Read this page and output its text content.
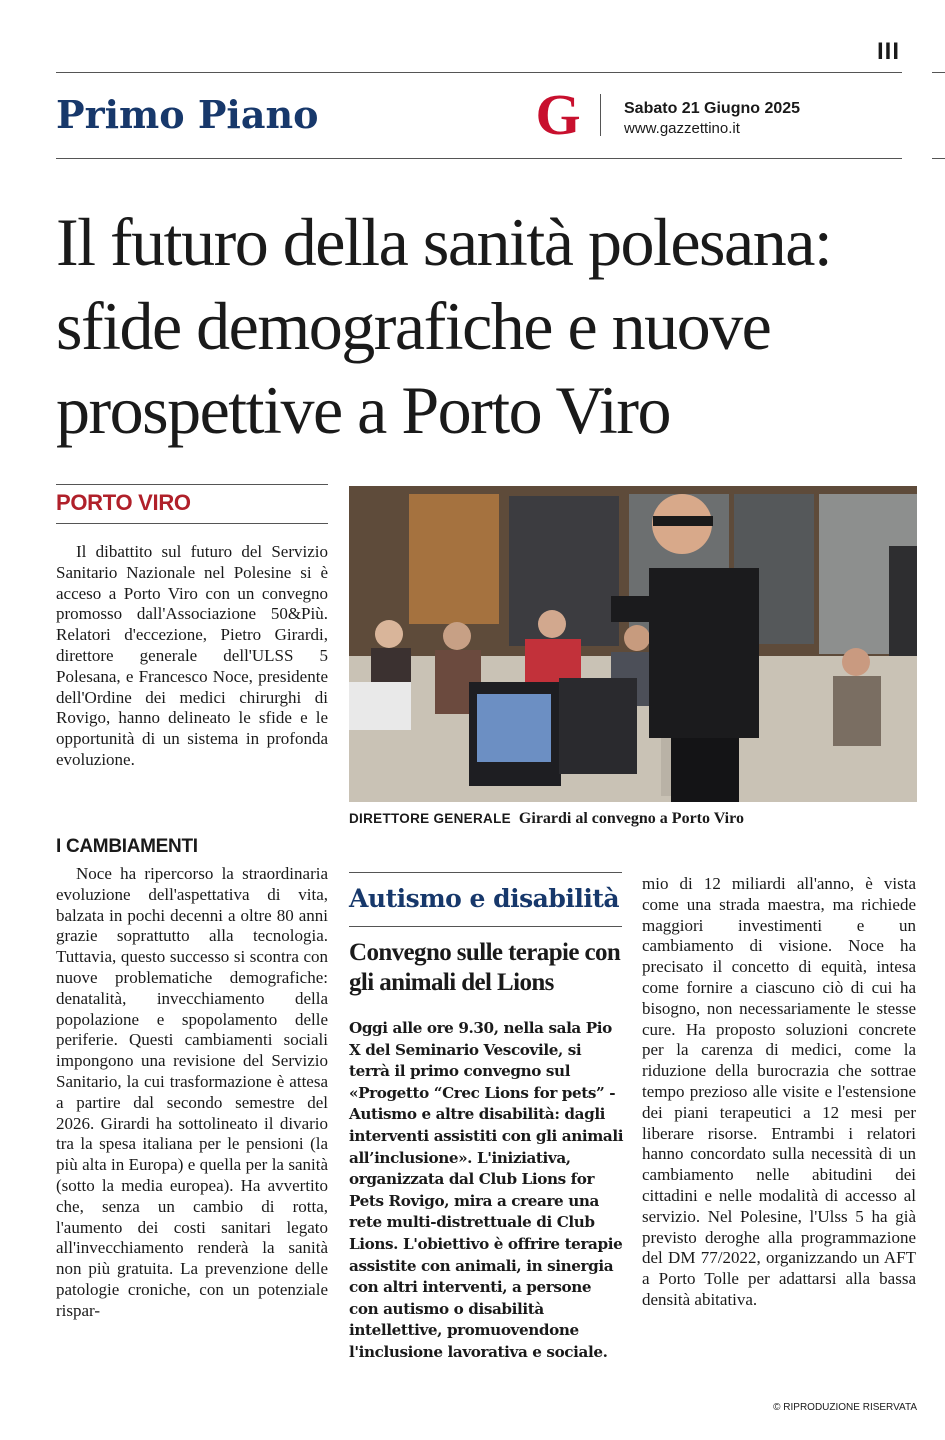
III
Primo Piano	G	Sabato 21 Giugno 2025
www.gazzettino.it
Il futuro della sanità polesana:
sfide demografiche e nuove
prospettive a Porto Viro
PORTO VIRO

Il dibattito sul futuro del Servizio Sanitario Nazionale nel Polesine si è acceso a Porto Viro con un convegno promosso dall'Associazione 50&Più. Relatori d'eccezione, Pietro Girardi, direttore generale dell'ULSS 5 Polesana, e Francesco Noce, presidente dell'Ordine dei medici chirurghi di Rovigo, hanno delineato le sfide e le opportunità di un sistema in profonda evoluzione.

I CAMBIAMENTI

Noce ha ripercorso la straordinaria evoluzione dell'aspettativa di vita, balzata in pochi decenni a oltre 80 anni grazie soprattutto alla tecnologia. Tuttavia, questo successo si scontra con nuove problematiche demografiche: denatalità, invecchiamento della popolazione e spopolamento delle periferie. Questi cambiamenti sociali impongono una revisione del Servizio Sanitario, la cui trasformazione è attesa a partire dal secondo semestre del 2026. Girardi ha sottolineato il divario tra la spesa italiana per le pensioni (la più alta in Europa) e quella per la sanità (sotto la media europea). Ha avvertito che, senza un cambio di rotta, l'aumento dei costi sanitari legato all'invecchiamento renderà la sanità non più gratuita. La prevenzione delle patologie croniche, con un potenziale rispar-

DIRETTORE GENERALE Girardi al convegno a Porto Viro
Autismo e disabilità
Convegno sulle terapie con gli animali del Lions
Oggi alle ore 9.30, nella sala Pio X del Seminario Vescovile, si terrà il primo convegno sul «Progetto “Crec Lions for pets” - Autismo e altre disabilità: dagli interventi assistiti con gli animali all’inclusione». L'iniziativa, organizzata dal Club Lions for Pets Rovigo, mira a creare una rete multi-distrettuale di Club Lions. L'obiettivo è offrire terapie assistite con animali, in sinergia con altri interventi, a persone con autismo o disabilità intellettive, promuovendone l'inclusione lavorativa e sociale.

mio di 12 miliardi all'anno, è vista come una strada maestra, ma richiede maggiori investimenti e un cambiamento di visione. Noce ha precisato il concetto di equità, intesa come fornire a ciascuno ciò di cui ha bisogno, non necessariamente le stesse cure. Ha proposto soluzioni concrete per la carenza di medici, come la riduzione della burocrazia che sottrae tempo prezioso alle visite e l'estensione dei piani terapeutici a 12 mesi per liberare risorse. Entrambi i relatori hanno concordato sulla necessità di un cambiamento nelle abitudini dei cittadini e nelle modalità di accesso al servizio. Nel Polesine, l'Ulss 5 ha già previsto deroghe alla programmazione del DM 77/2022, organizzando un AFT a Porto Tolle per adattarsi alla bassa densità abitativa.

© RIPRODUZIONE RISERVATA
